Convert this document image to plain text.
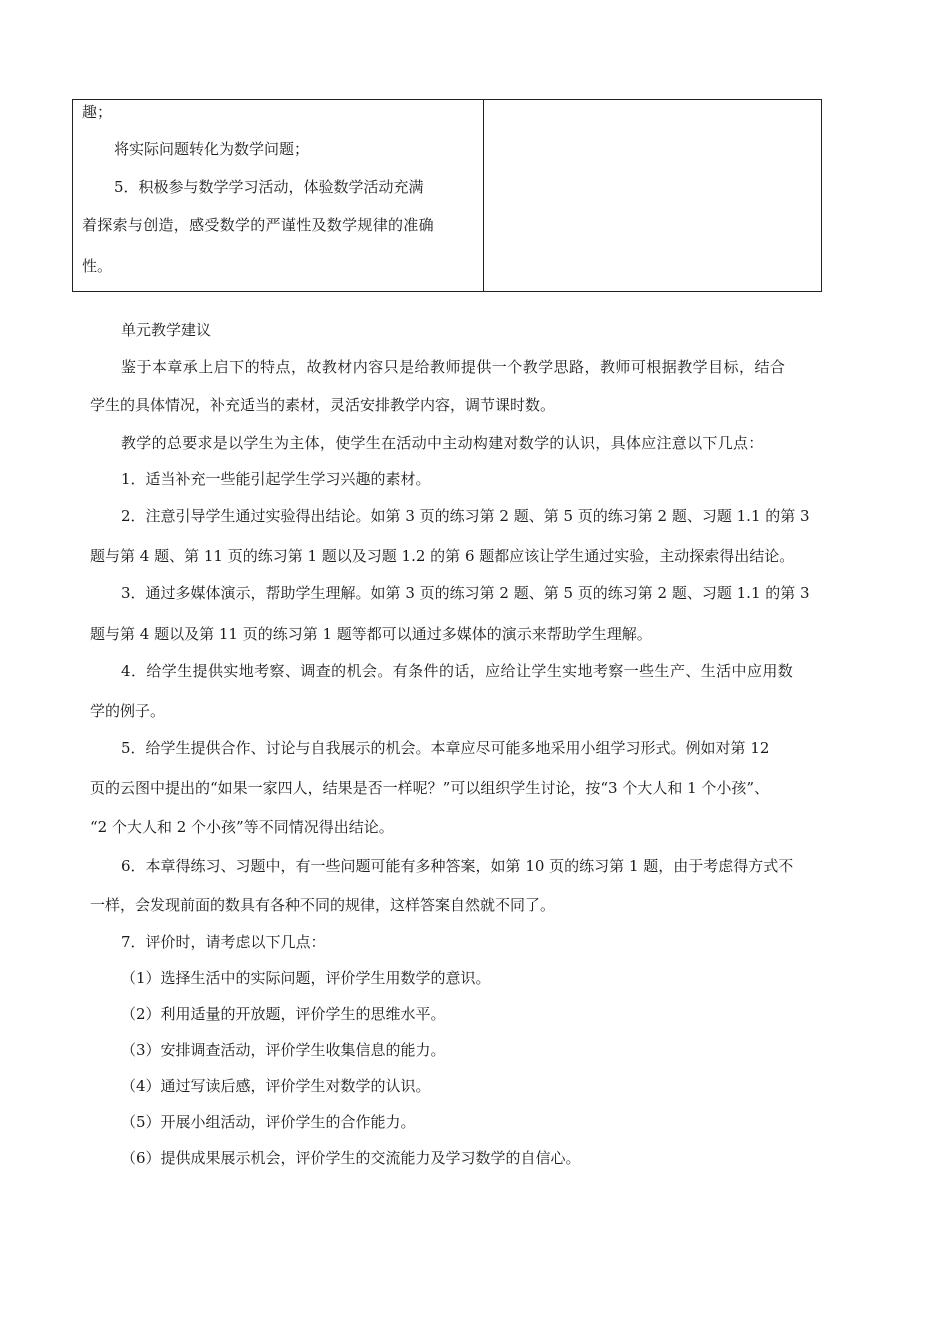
趣；
将实际问题转化为数学问题；
5．积极参与数学学习活动，体验数学活动充满
着探索与创造，感受数学的严谨性及数学规律的准确
性。
单元教学建议
鉴于本章承上启下的特点，故教材内容只是给教师提供一个教学思路，教师可根据教学目标，结合
学生的具体情况，补充适当的素材，灵活安排教学内容，调节课时数。
教学的总要求是以学生为主体，使学生在活动中主动构建对数学的认识，具体应注意以下几点：
1．适当补充一些能引起学生学习兴趣的素材。
2．注意引导学生通过实验得出结论。如第 3 页的练习第 2 题、第 5 页的练习第 2 题、习题 1.1 的第 3
题与第 4 题、第 11 页的练习第 1 题以及习题 1.2 的第 6 题都应该让学生通过实验，主动探索得出结论。
3．通过多媒体演示，帮助学生理解。如第 3 页的练习第 2 题、第 5 页的练习第 2 题、习题 1.1 的第 3
题与第 4 题以及第 11 页的练习第 1 题等都可以通过多媒体的演示来帮助学生理解。
4．给学生提供实地考察、调查的机会。有条件的话，应给让学生实地考察一些生产、生活中应用数
学的例子。
5．给学生提供合作、讨论与自我展示的机会。本章应尽可能多地采用小组学习形式。例如对第 12
页的云图中提出的“如果一家四人，结果是否一样呢？”可以组织学生讨论，按“3 个大人和 1 个小孩”、
“2 个大人和 2 个小孩”等不同情况得出结论。
6．本章得练习、习题中，有一些问题可能有多种答案，如第 10 页的练习第 1 题，由于考虑得方式不
一样，会发现前面的数具有各种不同的规律，这样答案自然就不同了。
7．评价时，请考虑以下几点：
（1）选择生活中的实际问题，评价学生用数学的意识。
（2）利用适量的开放题，评价学生的思维水平。
（3）安排调查活动，评价学生收集信息的能力。
（4）通过写读后感，评价学生对数学的认识。
（5）开展小组活动，评价学生的合作能力。
（6）提供成果展示机会，评价学生的交流能力及学习数学的自信心。
